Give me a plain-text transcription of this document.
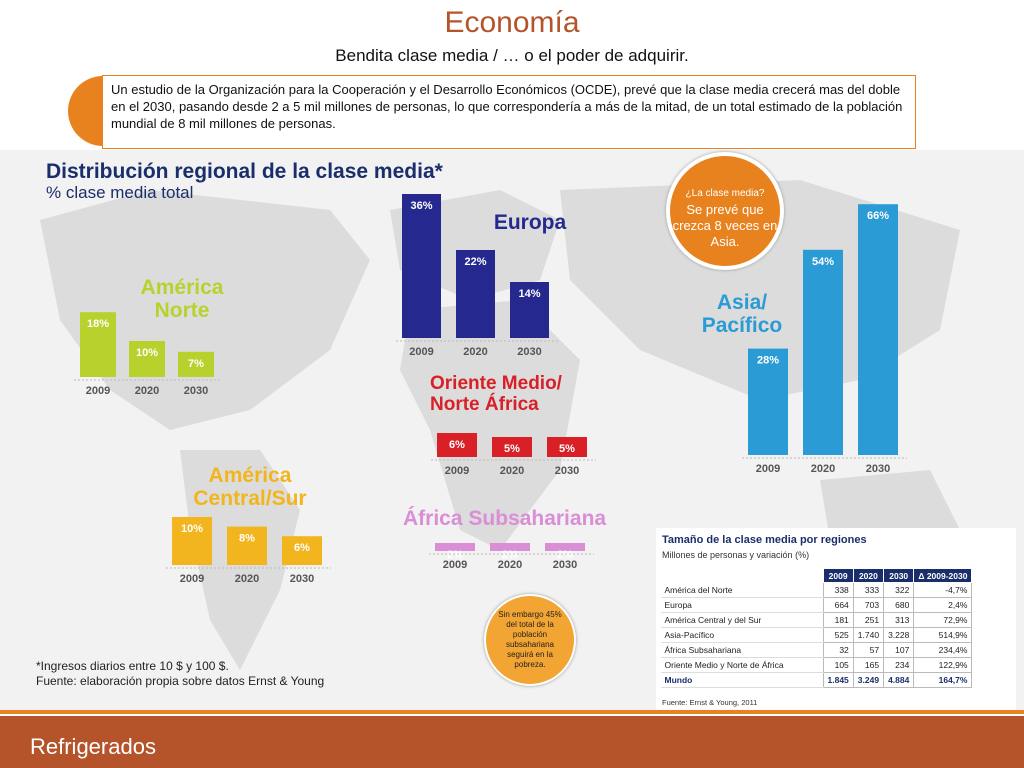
Economía
Bendita clase media / … o el poder de adquirir.
Un estudio de la Organización para la Cooperación y el Desarrollo Económicos (OCDE), prevé que la clase media crecerá mas del doble en el 2030, pasando desde 2 a 5 mil millones de personas, lo que correspondería a más de la mitad, de un total estimado de la población mundial de 8 mil millones de personas.
Distribución regional de la clase media*
% clase media total
*Ingresos diarios entre 10 $ y 100 $.
Fuente: elaboración propia sobre datos Ernst & Young
América
Norte
18%
2009
10%
2020
7%
2030
Europa
36%
2009
22%
2020
14%
2030
Oriente Medio/
Norte África
6%
2009
5%
2020
5%
2030
Asia/
Pacífico
28%
2009
54%
2020
66%
2030
América
Central/Sur
10%
2009
8%
2020
6%
2030
África Subsahariana
2%
2009
2%
2020
2%
2030
Tamaño de la clase media por regiones
Millones de personas y variación (%)
	2009	2020	2030	Δ 2009-2030
América del Norte	338	333	322	-4,7%
Europa	664	703	680	2,4%
América Central y del Sur	181	251	313	72,9%
Asia-Pacífico	525	1.740	3.228	514,9%
África Subsahariana	32	57	107	234,4%
Oriente Medio y Norte de África	105	165	234	122,9%
Mundo	1.845	3.249	4.884	164,7%
Fuente: Ernst & Young, 2011
¿La clase media?
Se prevé que crezca 8 veces en Asia.
Sin embargo 45% del total de la población subsahariana seguirá en la pobreza.
Refrigerados
